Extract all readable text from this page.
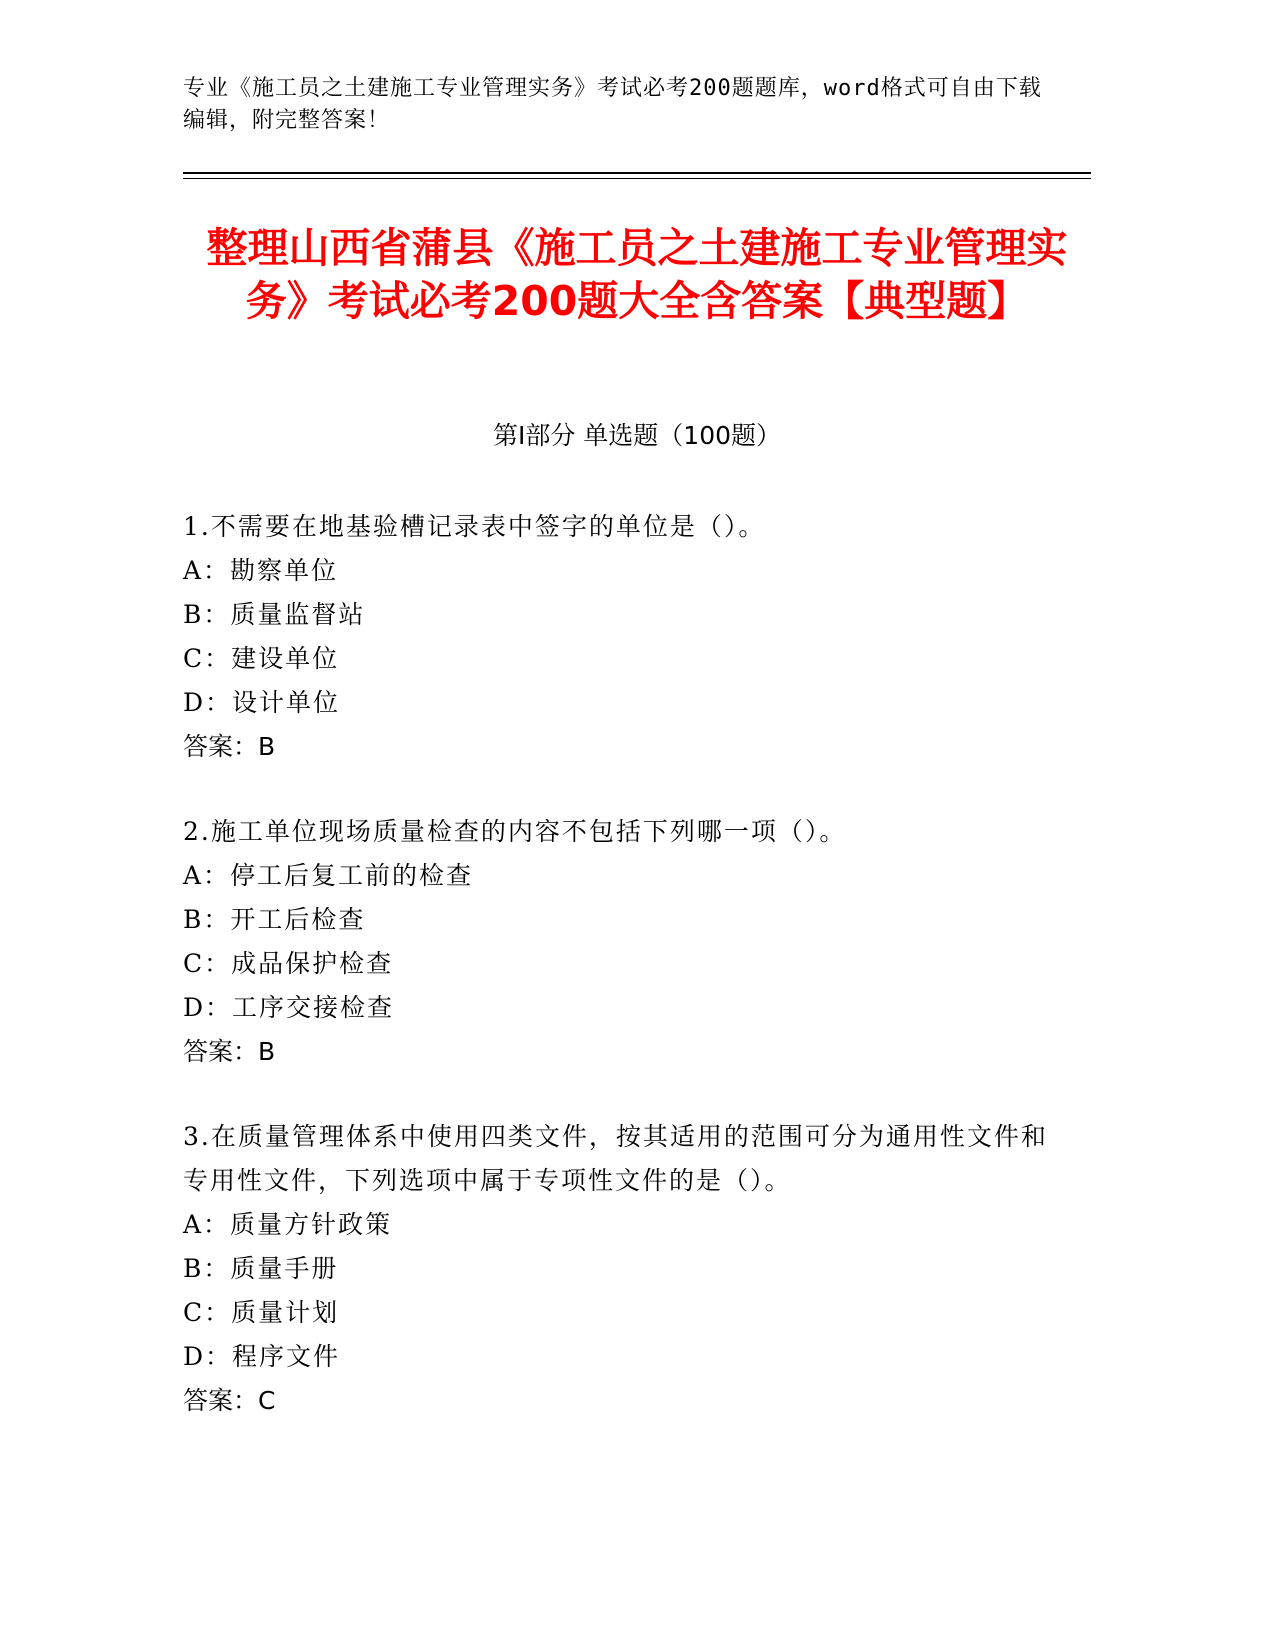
专业《施工员之土建施工专业管理实务》考试必考200题题库，word格式可自由下载编辑，附完整答案！
整理山西省蒲县《施工员之土建施工专业管理实务》考试必考200题大全含答案【典型题】
第Ⅰ部分 单选题（100题）
1.不需要在地基验槽记录表中签字的单位是（）。
A：勘察单位
B：质量监督站
C：建设单位
D：设计单位
答案：B
2.施工单位现场质量检查的内容不包括下列哪一项（）。
A：停工后复工前的检查
B：开工后检查
C：成品保护检查
D：工序交接检查
答案：B
3.在质量管理体系中使用四类文件，按其适用的范围可分为通用性文件和专用性文件，下列选项中属于专项性文件的是（）。
A：质量方针政策
B：质量手册
C：质量计划
D：程序文件
答案：C
